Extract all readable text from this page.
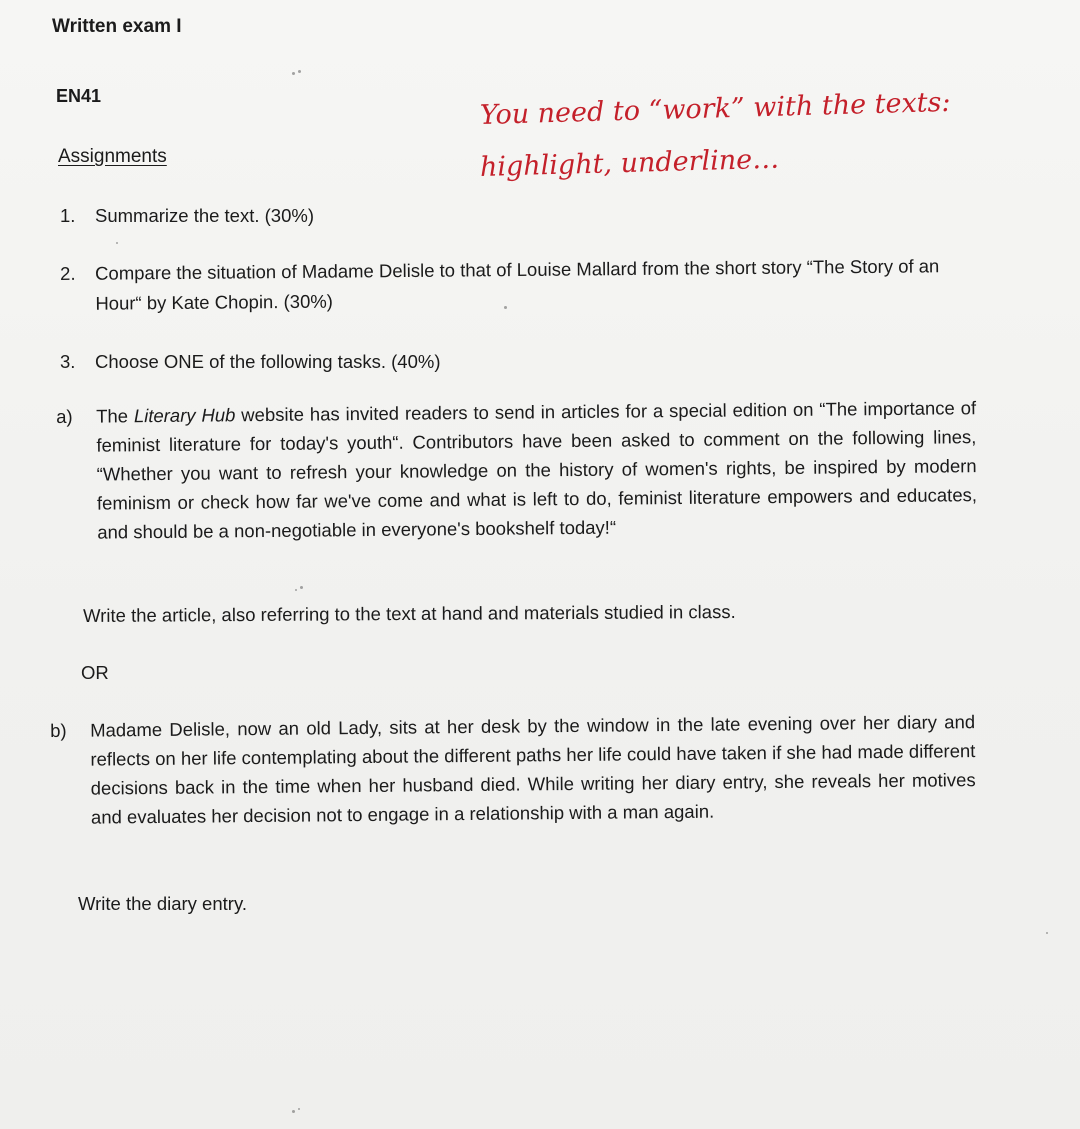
Written exam I
EN41
Assignments
You need to “work” with the texts:
highlight, underline…
1.	Summarize the text. (30%)
2.	Compare the situation of Madame Delisle to that of Louise Mallard from the short story “The Story of an Hour“ by Kate Chopin. (30%)
3.	Choose ONE of the following tasks. (40%)
a)	The Literary Hub website has invited readers to send in articles for a special edition on “The importance of feminist literature for today's youth“. Contributors have been asked to comment on the following lines, “Whether you want to refresh your knowledge on the history of women's rights, be inspired by modern feminism or check how far we've come and what is left to do, feminist literature empowers and educates, and should be a non-negotiable in everyone's bookshelf today!“
Write the article, also referring to the text at hand and materials studied in class.
OR
b)	Madame Delisle, now an old Lady, sits at her desk by the window in the late evening over her diary and reflects on her life contemplating about the different paths her life could have taken if she had made different decisions back in the time when her husband died. While writing her diary entry, she reveals her motives and evaluates her decision not to engage in a relationship with a man again.
Write the diary entry.
